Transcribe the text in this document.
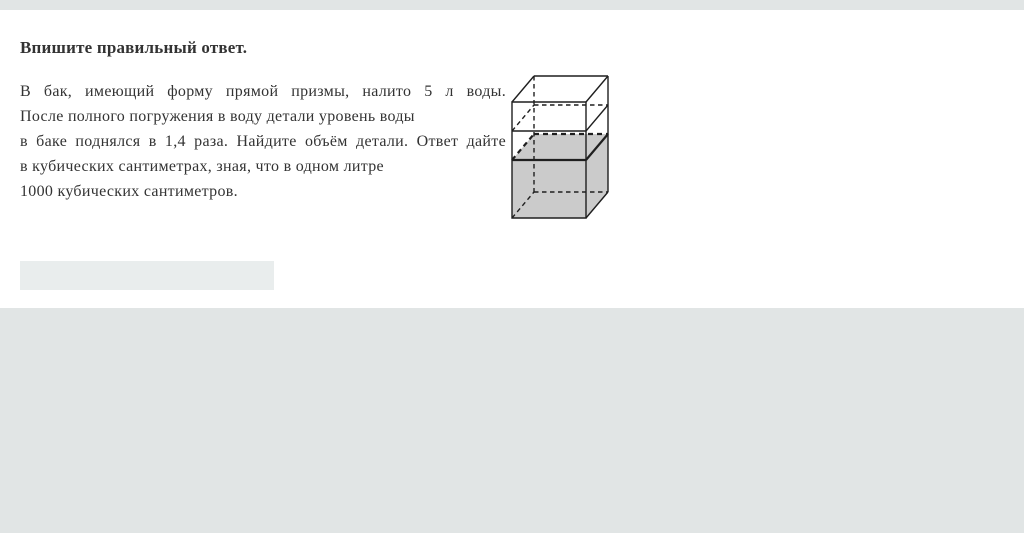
Впишите правильный ответ.
В бак, имеющий форму прямой призмы, налито 5 л воды.
После полного погружения в воду детали уровень воды
в баке поднялся в 1,4 раза. Найдите объём детали. Ответ дайте
в кубических сантиметрах, зная, что в одном литре
1000 кубических сантиметров.
